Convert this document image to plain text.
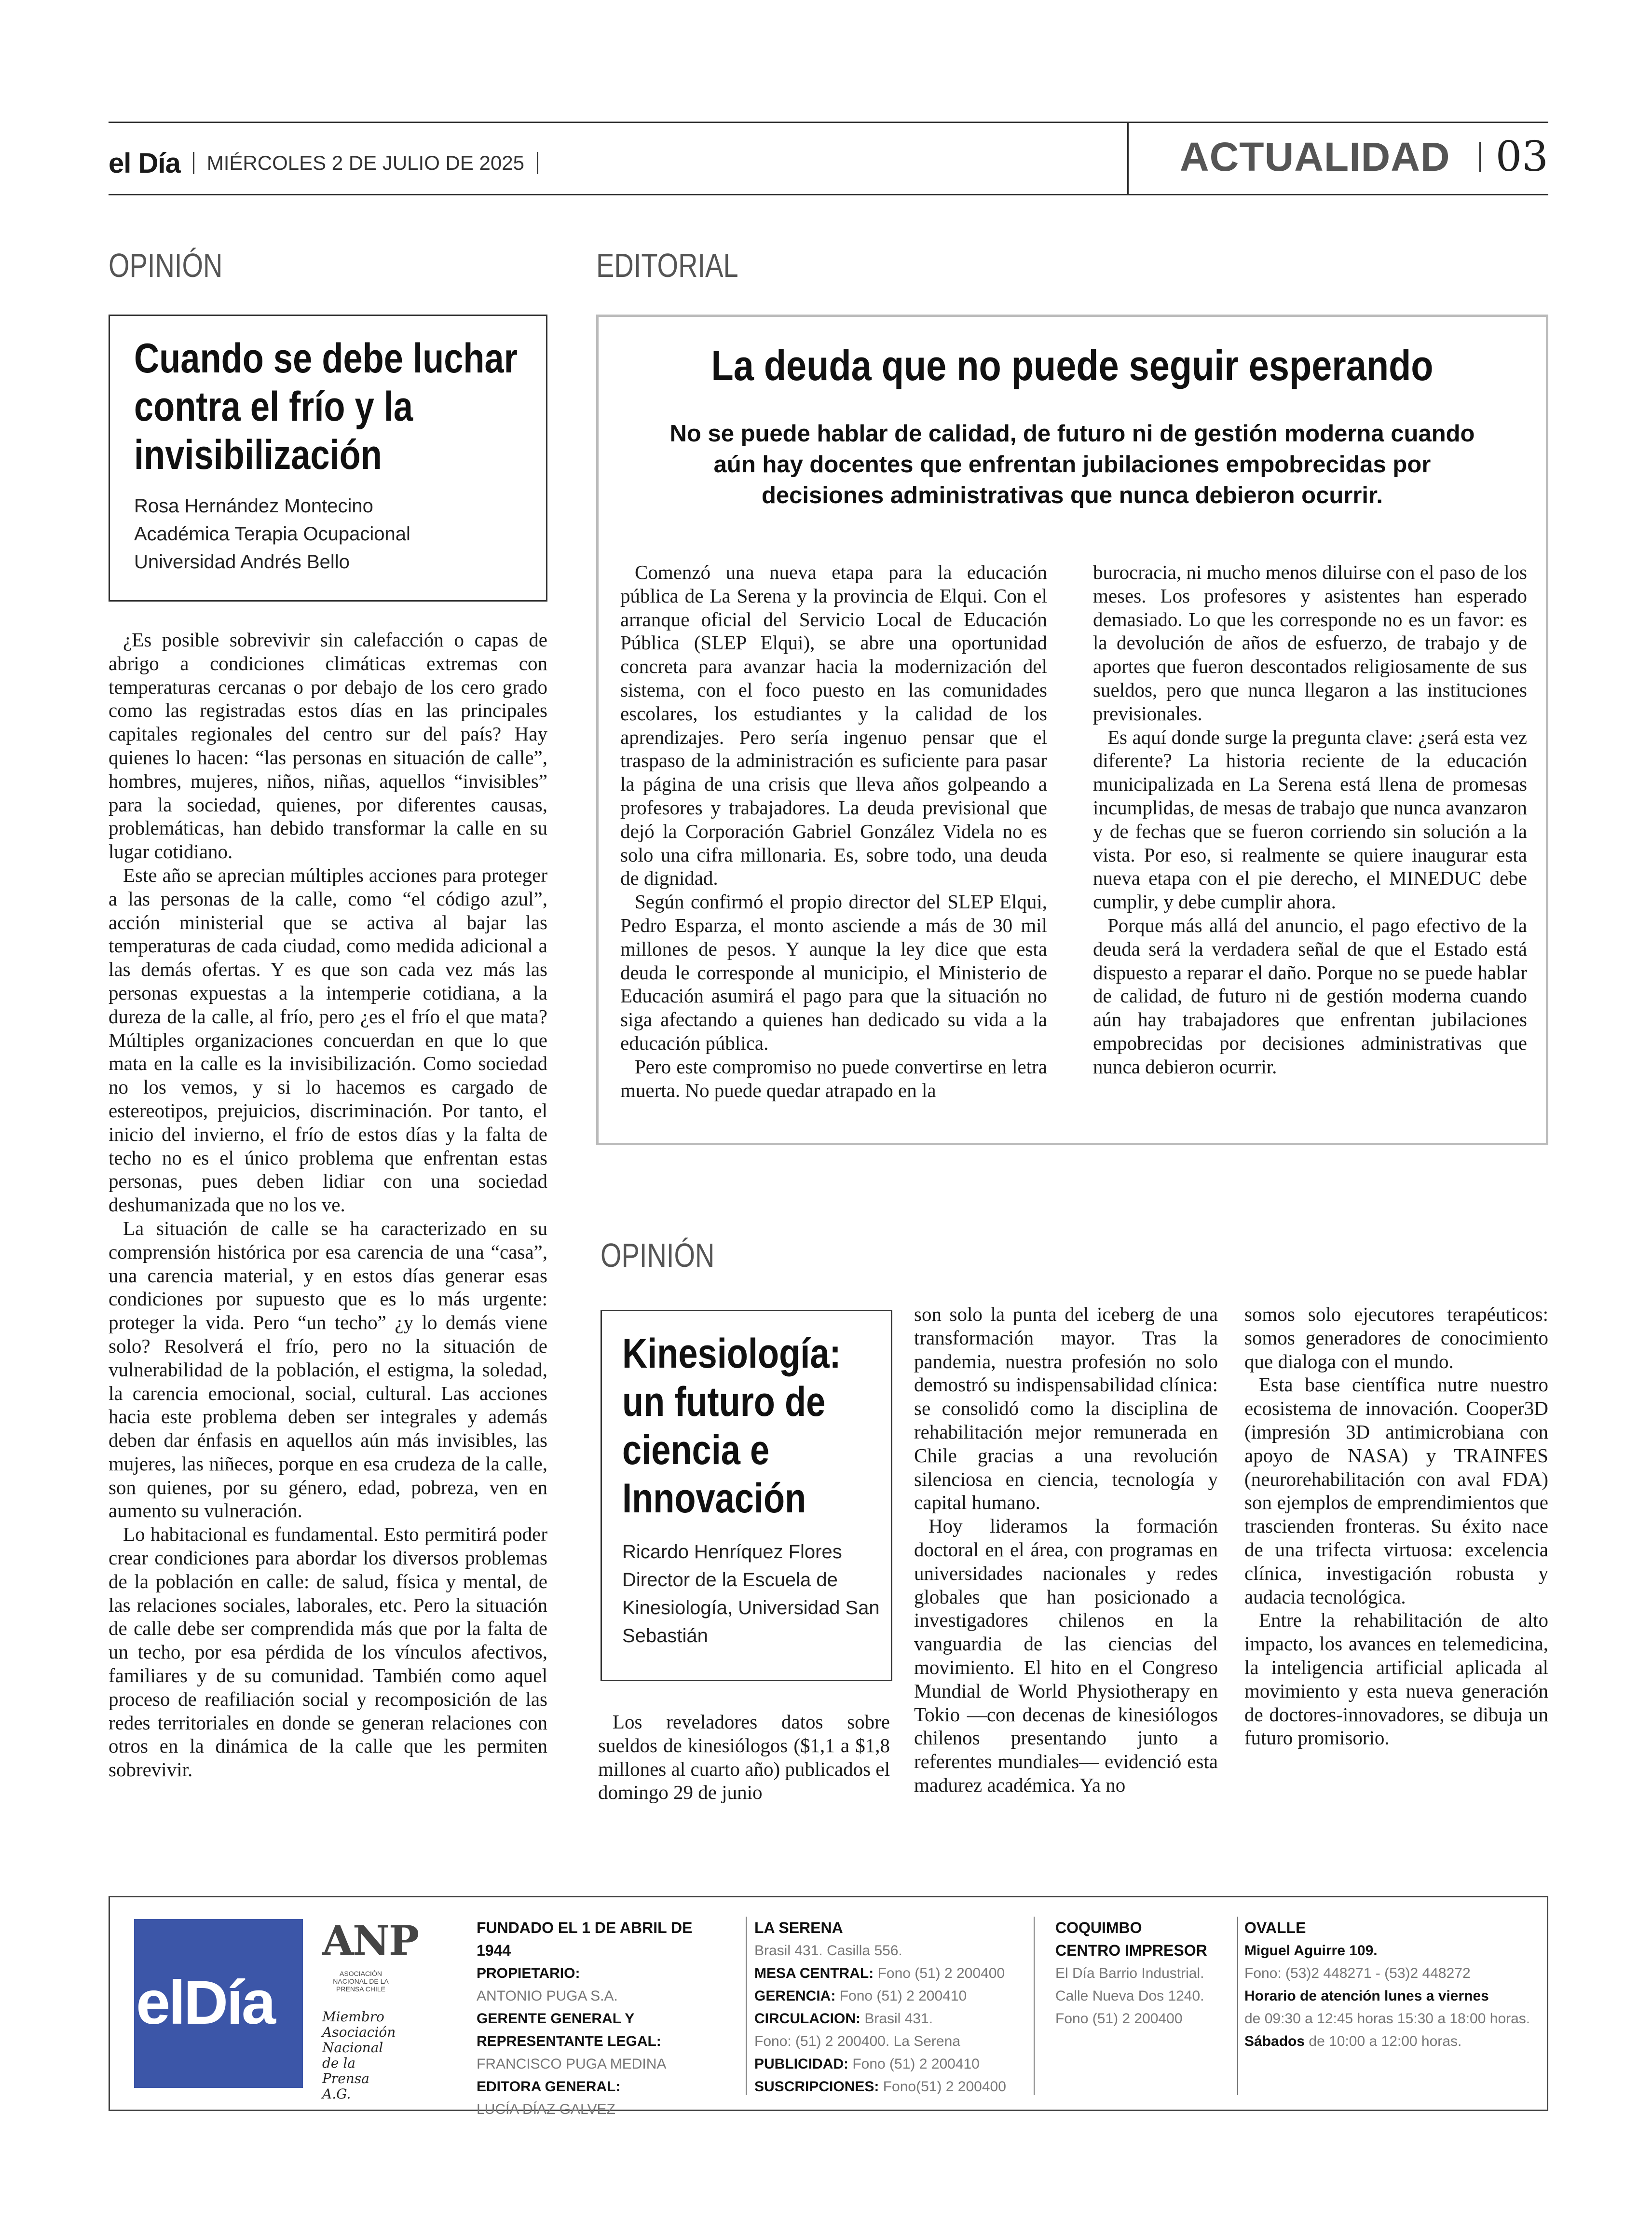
el Día MIÉRCOLES 2 DE JULIO DE 2025	ACTUALIDAD 03
OPINIÓN
Cuando se debe luchar contra el frío y la invisibilización
Rosa Hernández Montecino
Académica Terapia Ocupacional
Universidad Andrés Bello

¿Es posible sobrevivir sin calefacción o capas de abrigo a condiciones climáticas extremas con temperaturas cercanas o por debajo de los cero grado como las registradas estos días en las principales capitales regionales del centro sur del país? Hay quienes lo hacen: “las personas en situación de calle”, hombres, mujeres, niños, niñas, aquellos “invisibles” para la sociedad, quienes, por diferentes causas, problemáticas, han debido transformar la calle en su lugar cotidiano.

Este año se aprecian múltiples acciones para proteger a las personas de la calle, como “el código azul”, acción ministerial que se activa al bajar las temperaturas de cada ciudad, como medida adicional a las demás ofertas. Y es que son cada vez más las personas expuestas a la intemperie cotidiana, a la dureza de la calle, al frío, pero ¿es el frío el que mata? Múltiples organizaciones concuerdan en que lo que mata en la calle es la invisibilización. Como sociedad no los vemos, y si lo hacemos es cargado de estereotipos, prejuicios, discriminación. Por tanto, el inicio del invierno, el frío de estos días y la falta de techo no es el único problema que enfrentan estas personas, pues deben lidiar con una sociedad deshumanizada que no los ve.

La situación de calle se ha caracterizado en su comprensión histórica por esa carencia de una “casa”, una carencia material, y en estos días generar esas condiciones por supuesto que es lo más urgente: proteger la vida. Pero “un techo” ¿y lo demás viene solo? Resolverá el frío, pero no la situación de vulnerabilidad de la población, el estigma, la soledad, la carencia emocional, social, cultural. Las acciones hacia este problema deben ser integrales y además deben dar énfasis en aquellos aún más invisibles, las mujeres, las niñeces, porque en esa crudeza de la calle, son quienes, por su género, edad, pobreza, ven en aumento su vulneración.

Lo habitacional es fundamental. Esto permitirá poder crear condiciones para abordar los diversos problemas de la población en calle: de salud, física y mental, de las relaciones sociales, laborales, etc. Pero la situación de calle debe ser comprendida más que por la falta de un techo, por esa pérdida de los vínculos afectivos, familiares y de su comunidad. También como aquel proceso de reafiliación social y recomposición de las redes territoriales en donde se generan relaciones con otros en la dinámica de la calle que les permiten sobrevivir.

EDITORIAL
La deuda que no puede seguir esperando
No se puede hablar de calidad, de futuro ni de gestión moderna cuando aún hay docentes que enfrentan jubilaciones empobrecidas por decisiones administrativas que nunca debieron ocurrir.

Comenzó una nueva etapa para la educación pública de La Serena y la provincia de Elqui. Con el arranque oficial del Servicio Local de Educación Pública (SLEP Elqui), se abre una oportunidad concreta para avanzar hacia la modernización del sistema, con el foco puesto en las comunidades escolares, los estudiantes y la calidad de los aprendizajes. Pero sería ingenuo pensar que el traspaso de la administración es suficiente para pasar la página de una crisis que lleva años golpeando a profesores y trabajadores. La deuda previsional que dejó la Corporación Gabriel González Videla no es solo una cifra millonaria. Es, sobre todo, una deuda de dignidad.

Según confirmó el propio director del SLEP Elqui, Pedro Esparza, el monto asciende a más de 30 mil millones de pesos. Y aunque la ley dice que esta deuda le corresponde al municipio, el Ministerio de Educación asumirá el pago para que la situación no siga afectando a quienes han dedicado su vida a la educación pública.

Pero este compromiso no puede convertirse en letra muerta. No puede quedar atrapado en la

burocracia, ni mucho menos diluirse con el paso de los meses. Los profesores y asistentes han esperado demasiado. Lo que les corresponde no es un favor: es la devolución de años de esfuerzo, de trabajo y de aportes que fueron descontados religiosamente de sus sueldos, pero que nunca llegaron a las instituciones previsionales.

Es aquí donde surge la pregunta clave: ¿será esta vez diferente? La historia reciente de la educación municipalizada en La Serena está llena de promesas incumplidas, de mesas de trabajo que nunca avanzaron y de fechas que se fueron corriendo sin solución a la vista. Por eso, si realmente se quiere inaugurar esta nueva etapa con el pie derecho, el MINEDUC debe cumplir, y debe cumplir ahora.

Porque más allá del anuncio, el pago efectivo de la deuda será la verdadera señal de que el Estado está dispuesto a reparar el daño. Porque no se puede hablar de calidad, de futuro ni de gestión moderna cuando aún hay trabajadores que enfrentan jubilaciones empobrecidas por decisiones administrativas que nunca debieron ocurrir.

OPINIÓN
Kinesiología: un futuro de ciencia e Innovación
Ricardo Henríquez Flores
Director de la Escuela de Kinesiología, Universidad San Sebastián

Los reveladores datos sobre sueldos de kinesiólogos ($1,1 a $1,8 millones al cuarto año) publicados el domingo 29 de junio

son solo la punta del iceberg de una transformación mayor. Tras la pandemia, nuestra profesión no solo demostró su indispensabilidad clínica: se consolidó como la disciplina de rehabilitación mejor remunerada en Chile gracias a una revolución silenciosa en ciencia, tecnología y capital humano.

Hoy lideramos la formación doctoral en el área, con programas en universidades nacionales y redes globales que han posicionado a investigadores chilenos en la vanguardia de las ciencias del movimiento. El hito en el Congreso Mundial de World Physiotherapy en Tokio —con decenas de kinesiólogos chilenos presentando junto a referentes mundiales— evidenció esta madurez académica. Ya no

somos solo ejecutores terapéuticos: somos generadores de conocimiento que dialoga con el mundo.

Esta base científica nutre nuestro ecosistema de innovación. Cooper3D (impresión 3D antimicrobiana con apoyo de NASA) y TRAINFES (neurorehabilitación con aval FDA) son ejemplos de emprendimientos que trascienden fronteras. Su éxito nace de una trifecta virtuosa: excelencia clínica, investigación robusta y audacia tecnológica.

Entre la rehabilitación de alto impacto, los avances en telemedicina, la inteligencia artificial aplicada al movimiento y esta nueva generación de doctores-innovadores, se dibuja un futuro promisorio.

elDía
ANP
ASOCIACIÓN NACIONAL DE LA PRENSA CHILE
Miembro Asociación Nacional de la Prensa A.G.
FUNDADO EL 1 DE ABRIL DE 1944
PROPIETARIO:
ANTONIO PUGA S.A.
GERENTE GENERAL Y REPRESENTANTE LEGAL:
FRANCISCO PUGA MEDINA
EDITORA GENERAL:
LUCÍA DÍAZ GALVEZ
LA SERENA
Brasil 431. Casilla 556.
MESA CENTRAL: Fono (51) 2 200400
GERENCIA: Fono (51) 2 200410
CIRCULACION: Brasil 431.
Fono: (51) 2 200400. La Serena
PUBLICIDAD: Fono (51) 2 200410
SUSCRIPCIONES: Fono(51) 2 200400
COQUIMBO
CENTRO IMPRESOR
El Día Barrio Industrial.
Calle Nueva Dos 1240.
Fono (51) 2 200400
OVALLE
Miguel Aguirre 109.
Fono: (53)2 448271 - (53)2 448272
Horario de atención lunes a viernes
de 09:30 a 12:45 horas 15:30 a 18:00 horas.
Sábados de 10:00 a 12:00 horas.
